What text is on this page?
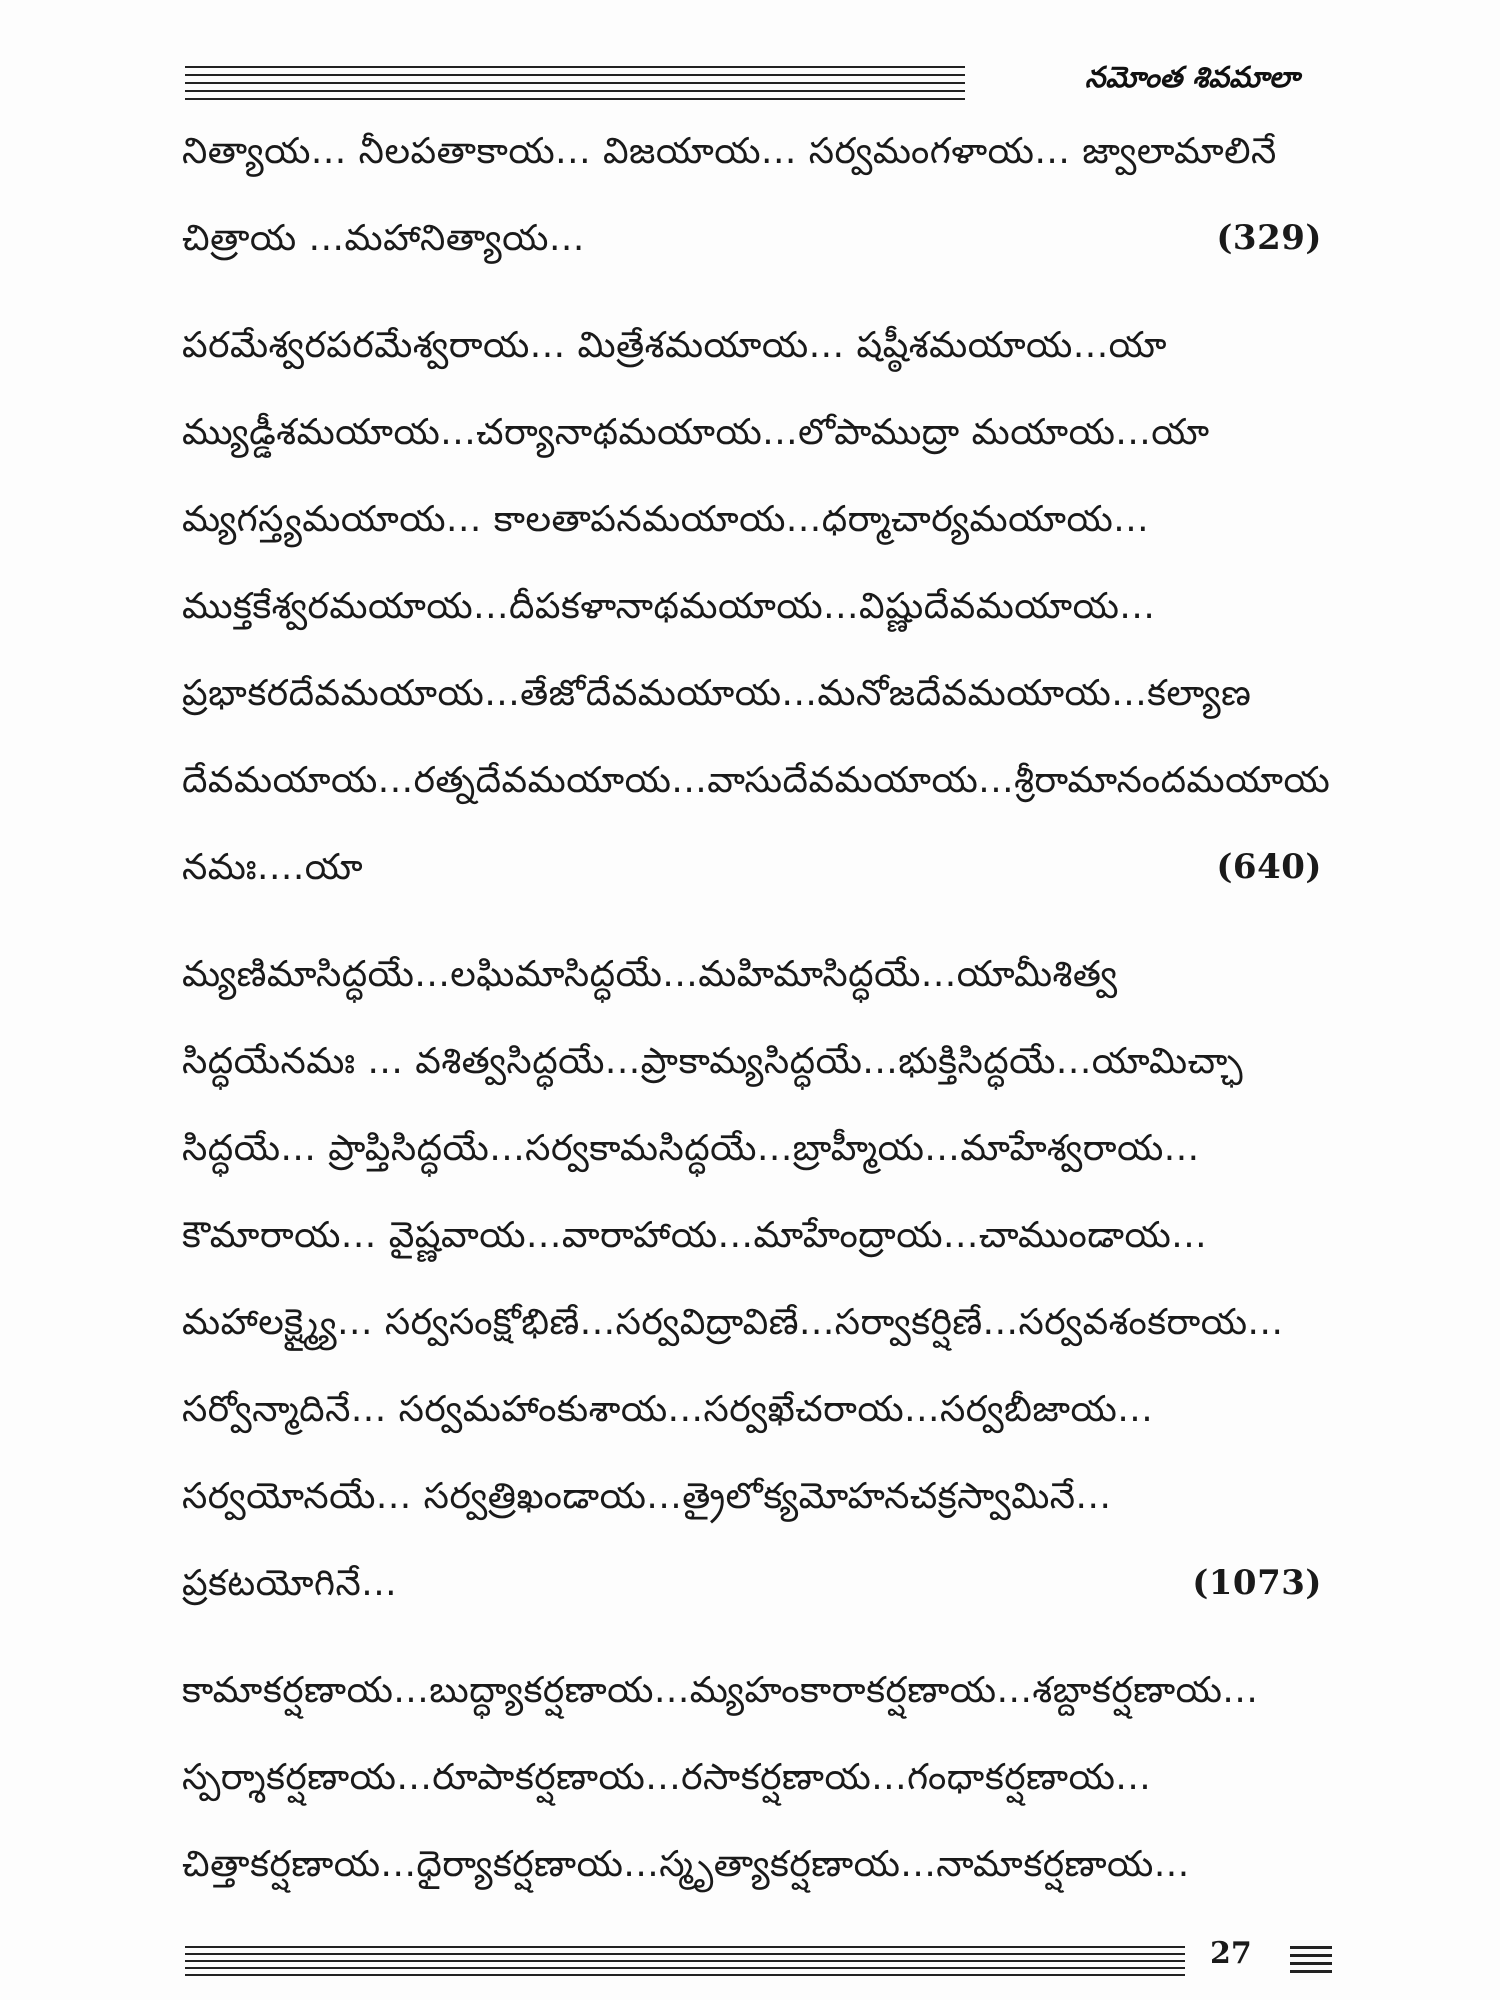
నమోంత శివమాలా
నిత్యాయ... నీలపతాకాయ... విజయాయ... సర్వమంగళాయ... జ్వాలామాలినే
చిత్రాయ ...మహానిత్యాయ...	(329)
పరమేశ్వరపరమేశ్వరాయ... మిత్రేశమయాయ... షష్ఠీశమయాయ...యా
మ్యుడ్డీశమయాయ...చర్యానాథమయాయ...లోపాముద్రా మయాయ...యా
మ్యగస్త్యమయాయ... కాలతాపనమయాయ...ధర్మాచార్యమయాయ...
ముక్తకేశ్వరమయాయ...దీపకళానాథమయాయ...విష్ణుదేవమయాయ...
ప్రభాకరదేవమయాయ...తేజోదేవమయాయ...మనోజదేవమయాయ...కల్యాణ
దేవమయాయ...రత్నదేవమయాయ...వాసుదేవమయాయ...శ్రీరామానందమయాయ
నమః....యా	(640)
మ్యణిమాసిద్ధయే...లఘిమాసిద్ధయే...మహిమాసిద్ధయే...యామీశిత్వ
సిద్ధయేనమః ... వశిత్వసిద్ధయే...ప్రాకామ్యసిద్ధయే...భుక్తిసిద్ధయే...యామిచ్ఛా
సిద్ధయే... ప్రాప్తిసిద్ధయే...సర్వకామసిద్ధయే...బ్రాహ్మీయ...మాహేశ్వరాయ...
కౌమారాయ... వైష్ణవాయ...వారాహాయ...మాహేంద్రాయ...చాముండాయ...
మహాలక్ష్మ్యై... సర్వసంక్షోభిణే...సర్వవిద్రావిణే...సర్వాకర్షిణే...సర్వవశంకరాయ...
సర్వోన్మాదినే... సర్వమహాంకుశాయ...సర్వఖేచరాయ...సర్వబీజాయ...
సర్వయోనయే... సర్వత్రిఖండాయ...త్రైలోక్యమోహనచక్రస్వామినే...
ప్రకటయోగినే...	(1073)
కామాకర్షణాయ...బుద్ధ్యాకర్షణాయ...మ్యహంకారాకర్షణాయ...శబ్దాకర్షణాయ...
స్పర్శాకర్షణాయ...రూపాకర్షణాయ...రసాకర్షణాయ...గంధాకర్షణాయ...
చిత్తాకర్షణాయ...ధైర్యాకర్షణాయ...స్మృత్యాకర్షణాయ...నామాకర్షణాయ...
27
